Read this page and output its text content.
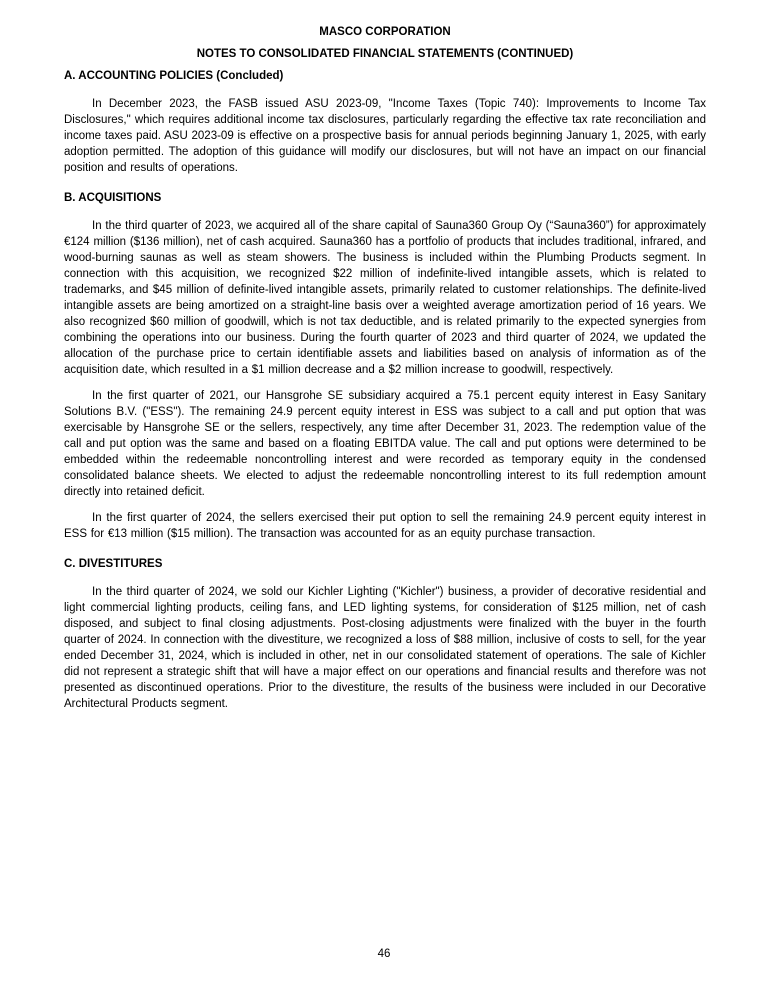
MASCO CORPORATION
NOTES TO CONSOLIDATED FINANCIAL STATEMENTS (CONTINUED)
A. ACCOUNTING POLICIES (Concluded)

In December 2023, the FASB issued ASU 2023-09, "Income Taxes (Topic 740): Improvements to Income Tax Disclosures," which requires additional income tax disclosures, particularly regarding the effective tax rate reconciliation and income taxes paid. ASU 2023-09 is effective on a prospective basis for annual periods beginning January 1, 2025, with early adoption permitted. The adoption of this guidance will modify our disclosures, but will not have an impact on our financial position and results of operations.

B. ACQUISITIONS

In the third quarter of 2023, we acquired all of the share capital of Sauna360 Group Oy (“Sauna360”) for approximately €124 million ($136 million), net of cash acquired. Sauna360 has a portfolio of products that includes traditional, infrared, and wood-burning saunas as well as steam showers. The business is included within the Plumbing Products segment. In connection with this acquisition, we recognized $22 million of indefinite-lived intangible assets, which is related to trademarks, and $45 million of definite-lived intangible assets, primarily related to customer relationships. The definite-lived intangible assets are being amortized on a straight-line basis over a weighted average amortization period of 16 years. We also recognized $60 million of goodwill, which is not tax deductible, and is related primarily to the expected synergies from combining the operations into our business. During the fourth quarter of 2023 and third quarter of 2024, we updated the allocation of the purchase price to certain identifiable assets and liabilities based on analysis of information as of the acquisition date, which resulted in a $1 million decrease and a $2 million increase to goodwill, respectively.

In the first quarter of 2021, our Hansgrohe SE subsidiary acquired a 75.1 percent equity interest in Easy Sanitary Solutions B.V. ("ESS"). The remaining 24.9 percent equity interest in ESS was subject to a call and put option that was exercisable by Hansgrohe SE or the sellers, respectively, any time after December 31, 2023. The redemption value of the call and put option was the same and based on a floating EBITDA value. The call and put options were determined to be embedded within the redeemable noncontrolling interest and were recorded as temporary equity in the condensed consolidated balance sheets. We elected to adjust the redeemable noncontrolling interest to its full redemption amount directly into retained deficit.

In the first quarter of 2024, the sellers exercised their put option to sell the remaining 24.9 percent equity interest in ESS for €13 million ($15 million). The transaction was accounted for as an equity purchase transaction.

C. DIVESTITURES

In the third quarter of 2024, we sold our Kichler Lighting ("Kichler") business, a provider of decorative residential and light commercial lighting products, ceiling fans, and LED lighting systems, for consideration of $125 million, net of cash disposed, and subject to final closing adjustments. Post-closing adjustments were finalized with the buyer in the fourth quarter of 2024. In connection with the divestiture, we recognized a loss of $88 million, inclusive of costs to sell, for the year ended December 31, 2024, which is included in other, net in our consolidated statement of operations. The sale of Kichler did not represent a strategic shift that will have a major effect on our operations and financial results and therefore was not presented as discontinued operations. Prior to the divestiture, the results of the business were included in our Decorative Architectural Products segment.

46
